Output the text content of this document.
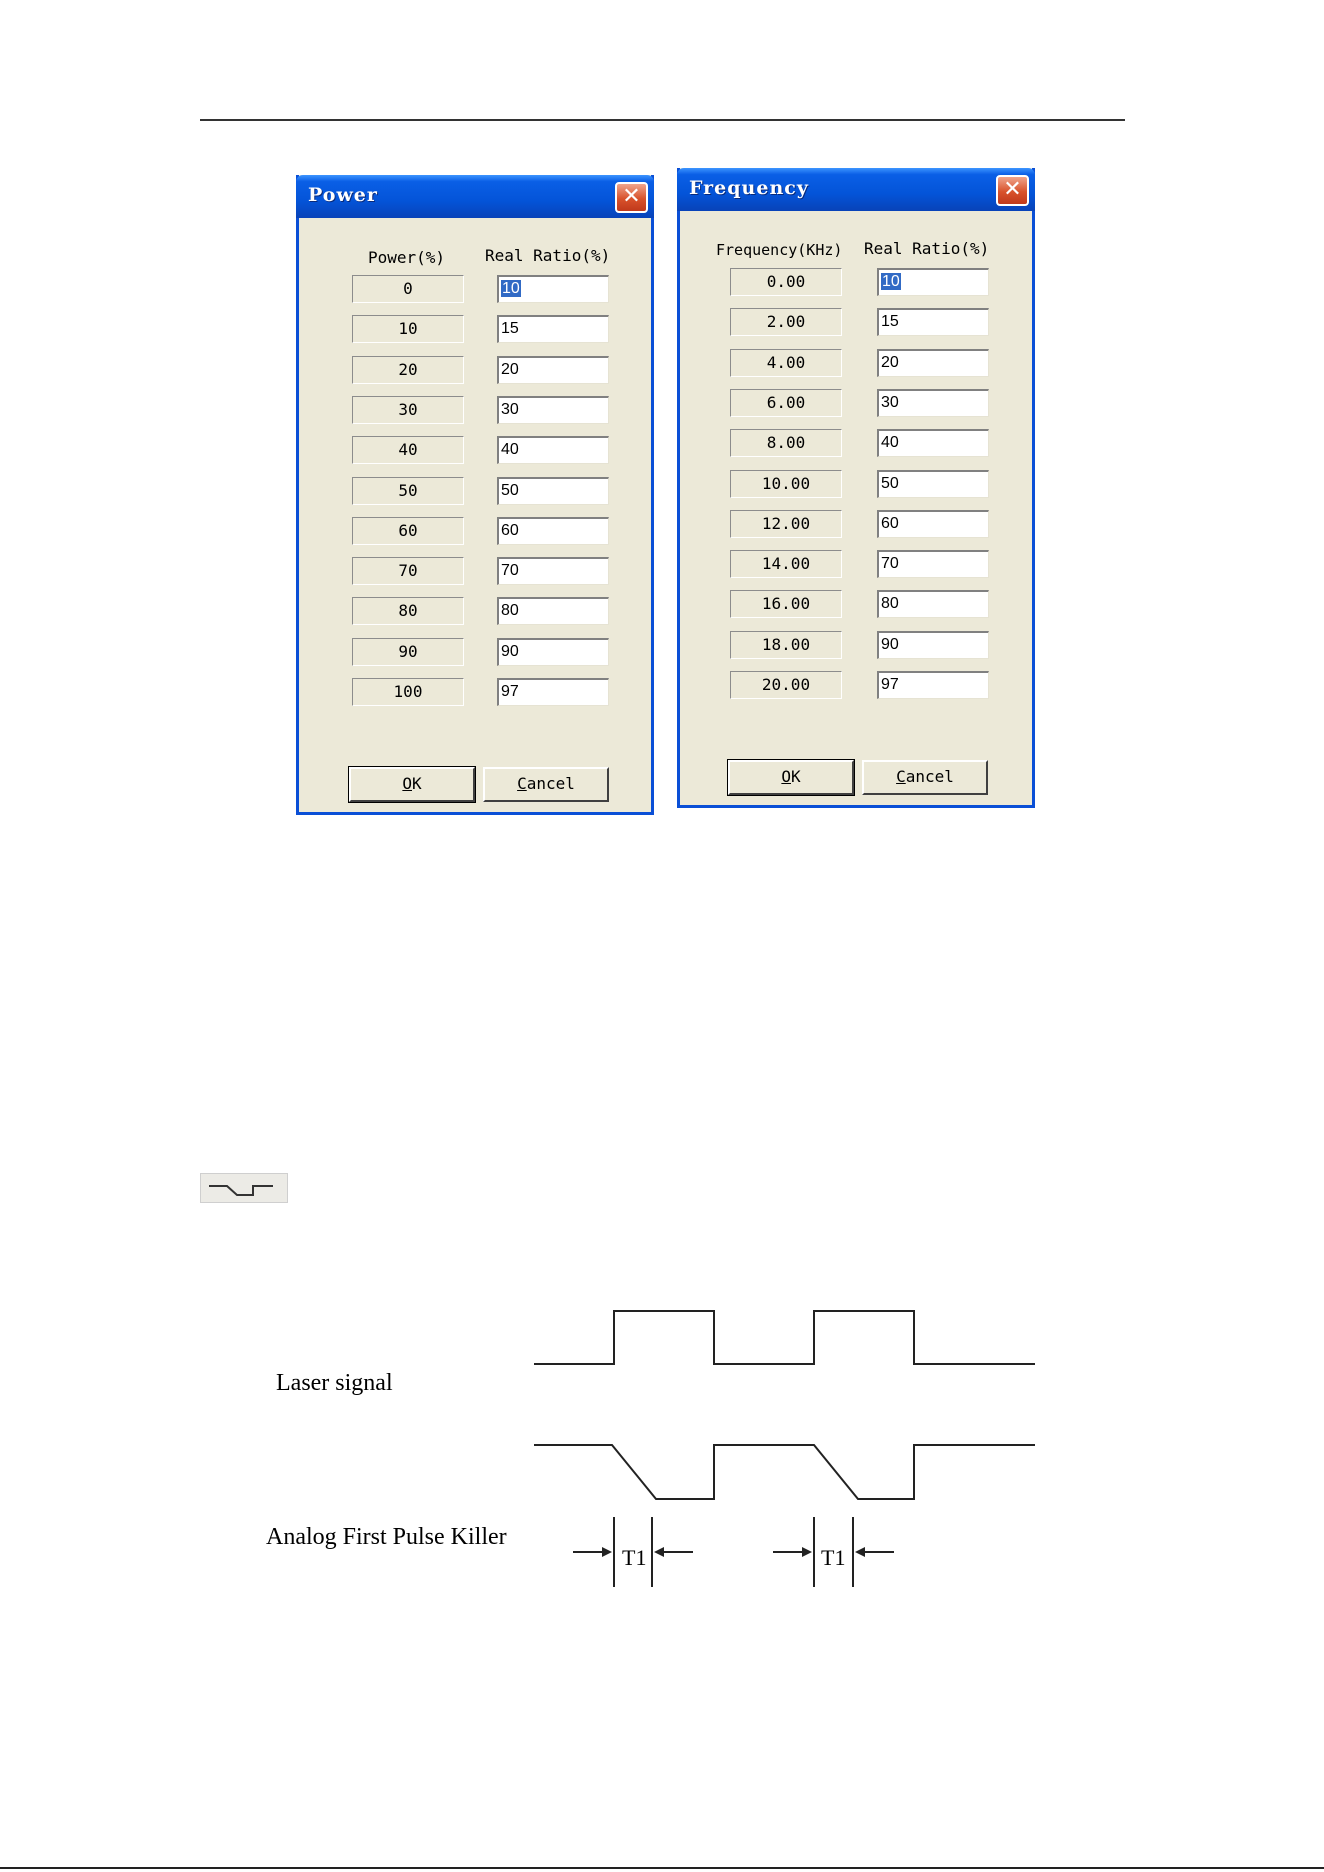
Power	✕
Power(%) Real Ratio(%)
0	10
10	15
20	20
30	30
40	40
50	50
60	60
70	70
80	80
90	90
100	97
OK	Cancel
Frequency	✕
Frequency(KHz) Real Ratio(%)
0.00	10
2.00	15
4.00	20
6.00	30
8.00	40
10.00	50
12.00	60
14.00	70
16.00	80
18.00	90
20.00	97
OK	Cancel
Laser signal
Analog First Pulse Killer
T1	T1
